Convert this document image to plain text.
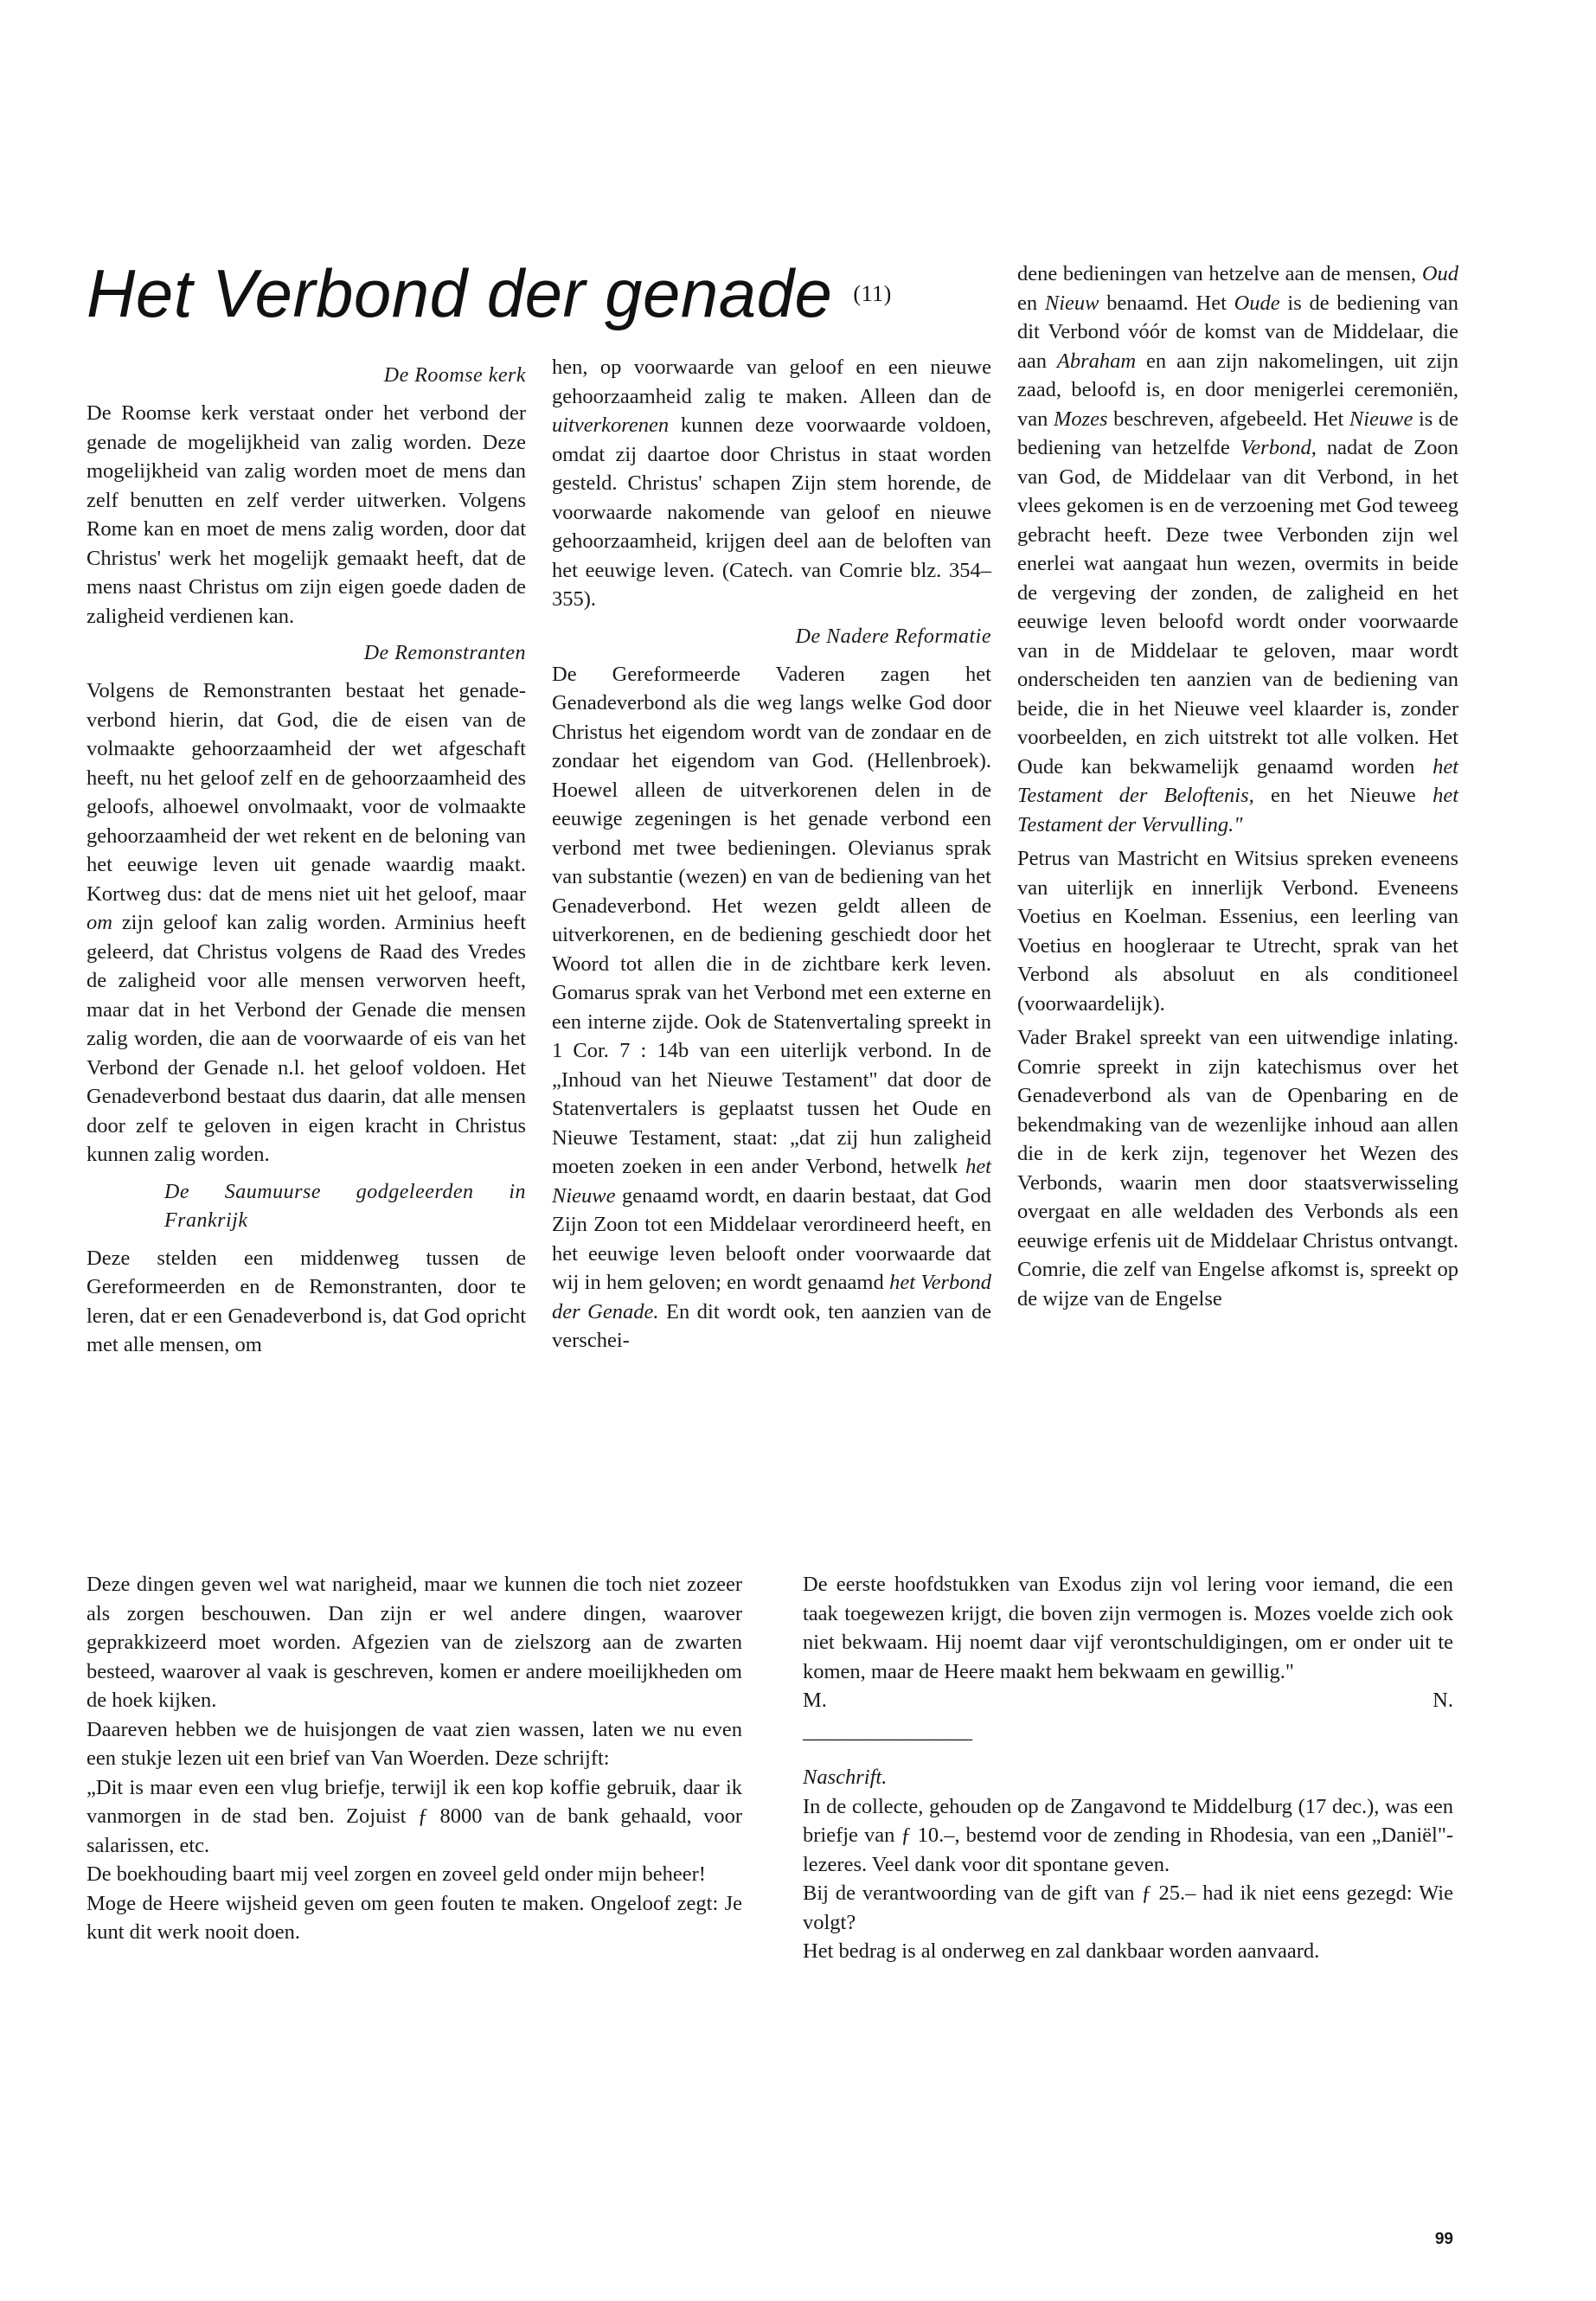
Het Verbond der genade $^{(11)}$
De Roomse kerk

De Roomse kerk verstaat onder het verbond der genade de mogelijkheid van zalig worden. Deze mogelijkheid van zalig worden moet de mens dan zelf benutten en zelf verder uitwerken. Volgens Rome kan en moet de mens zalig worden, door dat Christus' werk het mogelijk gemaakt heeft, dat de mens naast Christus om zijn eigen goede daden de zaligheid verdienen kan.

De Remonstranten

Volgens de Remonstranten bestaat het genade-verbond hierin, dat God, die de eisen van de volmaakte gehoorzaamheid der wet afgeschaft heeft, nu het geloof zelf en de gehoorzaamheid des geloofs, alhoewel onvolmaakt, voor de volmaakte gehoorzaamheid der wet rekent en de beloning van het eeuwige leven uit genade waardig maakt. Kortweg dus: dat de mens niet uit het geloof, maar om zijn geloof kan zalig worden. Arminius heeft geleerd, dat Christus volgens de Raad des Vredes de zaligheid voor alle mensen verworven heeft, maar dat in het Verbond der Genade die mensen zalig worden, die aan de voorwaarde of eis van het Verbond der Genade n.l. het geloof voldoen. Het Genadeverbond bestaat dus daarin, dat alle mensen door zelf te geloven in eigen kracht in Christus kunnen zalig worden.

De Saumuurse godgeleerden in Frankrijk

Deze stelden een middenweg tussen de Gereformeerden en de Remonstranten, door te leren, dat er een Genadeverbond is, dat God opricht met alle mensen, om

hen, op voorwaarde van geloof en een nieuwe gehoorzaamheid zalig te maken. Alleen dan de uitverkorenen kunnen deze voorwaarde voldoen, omdat zij daartoe door Christus in staat worden gesteld. Christus' schapen Zijn stem horende, de voorwaarde nakomende van geloof en nieuwe gehoorzaamheid, krijgen deel aan de beloften van het eeuwige leven. (Catech. van Comrie blz. 354–355).

De Nadere Reformatie

De Gereformeerde Vaderen zagen het Genadeverbond als die weg langs welke God door Christus het eigendom wordt van de zondaar en de zondaar het eigendom van God. (Hellenbroek). Hoewel alleen de uitverkorenen delen in de eeuwige zegeningen is het genade verbond een verbond met twee bedieningen. Olevianus sprak van substantie (wezen) en van de bediening van het Genadeverbond. Het wezen geldt alleen de uitverkorenen, en de bediening geschiedt door het Woord tot allen die in de zichtbare kerk leven. Gomarus sprak van het Verbond met een externe en een interne zijde. Ook de Statenvertaling spreekt in 1 Cor. 7 : 14b van een uiterlijk verbond. In de „Inhoud van het Nieuwe Testament" dat door de Statenvertalers is geplaatst tussen het Oude en Nieuwe Testament, staat: „dat zij hun zaligheid moeten zoeken in een ander Verbond, hetwelk het Nieuwe genaamd wordt, en daarin bestaat, dat God Zijn Zoon tot een Middelaar verordineerd heeft, en het eeuwige leven belooft onder voorwaarde dat wij in hem geloven; en wordt genaamd het Verbond der Genade. En dit wordt ook, ten aanzien van de verschei-

dene bedieningen van hetzelve aan de mensen, Oud en Nieuw benaamd. Het Oude is de bediening van dit Verbond vóór de komst van de Middelaar, die aan Abraham en aan zijn nakomelingen, uit zijn zaad, beloofd is, en door menigerlei ceremoniën, van Mozes beschreven, afgebeeld. Het Nieuwe is de bediening van hetzelfde Verbond, nadat de Zoon van God, de Middelaar van dit Verbond, in het vlees gekomen is en de verzoening met God teweeg gebracht heeft. Deze twee Verbonden zijn wel enerlei wat aangaat hun wezen, overmits in beide de vergeving der zonden, de zaligheid en het eeuwige leven beloofd wordt onder voorwaarde van in de Middelaar te geloven, maar wordt onderscheiden ten aanzien van de bediening van beide, die in het Nieuwe veel klaarder is, zonder voorbeelden, en zich uitstrekt tot alle volken. Het Oude kan bekwamelijk genaamd worden het Testament der Beloftenis, en het Nieuwe het Testament der Vervulling."

Petrus van Mastricht en Witsius spreken eveneens van uiterlijk en innerlijk Verbond. Eveneens Voetius en Koelman. Essenius, een leerling van Voetius en hoogleraar te Utrecht, sprak van het Verbond als absoluut en als conditioneel (voorwaardelijk).

Vader Brakel spreekt van een uitwendige inlating. Comrie spreekt in zijn katechismus over het Genadeverbond als van de Openbaring en de bekendmaking van de wezenlijke inhoud aan allen die in de kerk zijn, tegenover het Wezen des Verbonds, waarin men door staatsverwisseling overgaat en alle weldaden des Verbonds als een eeuwige erfenis uit de Middelaar Christus ontvangt. Comrie, die zelf van Engelse afkomst is, spreekt op de wijze van de Engelse

Deze dingen geven wel wat narigheid, maar we kunnen die toch niet zozeer als zorgen beschouwen. Dan zijn er wel andere dingen, waarover geprakkizeerd moet worden. Afgezien van de zielszorg aan de zwarten besteed, waarover al vaak is geschreven, komen er andere moeilijkheden om de hoek kijken.

Daareven hebben we de huisjongen de vaat zien wassen, laten we nu even een stukje lezen uit een brief van Van Woerden. Deze schrijft:

„Dit is maar even een vlug briefje, terwijl ik een kop koffie gebruik, daar ik vanmorgen in de stad ben. Zojuist ƒ 8000 van de bank gehaald, voor salarissen, etc.

De boekhouding baart mij veel zorgen en zoveel geld onder mijn beheer!

Moge de Heere wijsheid geven om geen fouten te maken. Ongeloof zegt: Je kunt dit werk nooit doen.

De eerste hoofdstukken van Exodus zijn vol lering voor iemand, die een taak toegewezen krijgt, die boven zijn vermogen is. Mozes voelde zich ook niet bekwaam. Hij noemt daar vijf verontschuldigingen, om er onder uit te komen, maar de Heere maakt hem bekwaam en gewillig."

M.	N.
————————

Naschrift.

In de collecte, gehouden op de Zangavond te Middelburg (17 dec.), was een briefje van ƒ 10.–, bestemd voor de zending in Rhodesia, van een „Daniël"-lezeres. Veel dank voor dit spontane geven.

Bij de verantwoording van de gift van ƒ 25.– had ik niet eens gezegd: Wie volgt?

Het bedrag is al onderweg en zal dankbaar worden aanvaard.

99
